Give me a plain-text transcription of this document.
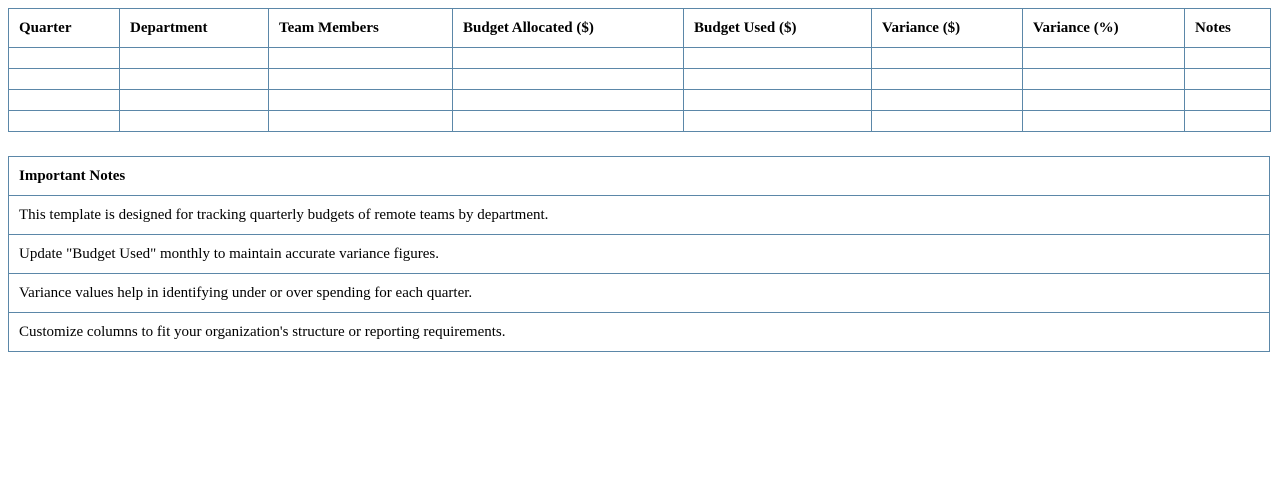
Quarter	Department	Team Members	Budget Allocated ($)	Budget Used ($)	Variance ($)	Variance (%)	Notes

Important Notes
This template is designed for tracking quarterly budgets of remote teams by department.
Update "Budget Used" monthly to maintain accurate variance figures.
Variance values help in identifying under or over spending for each quarter.
Customize columns to fit your organization's structure or reporting requirements.
